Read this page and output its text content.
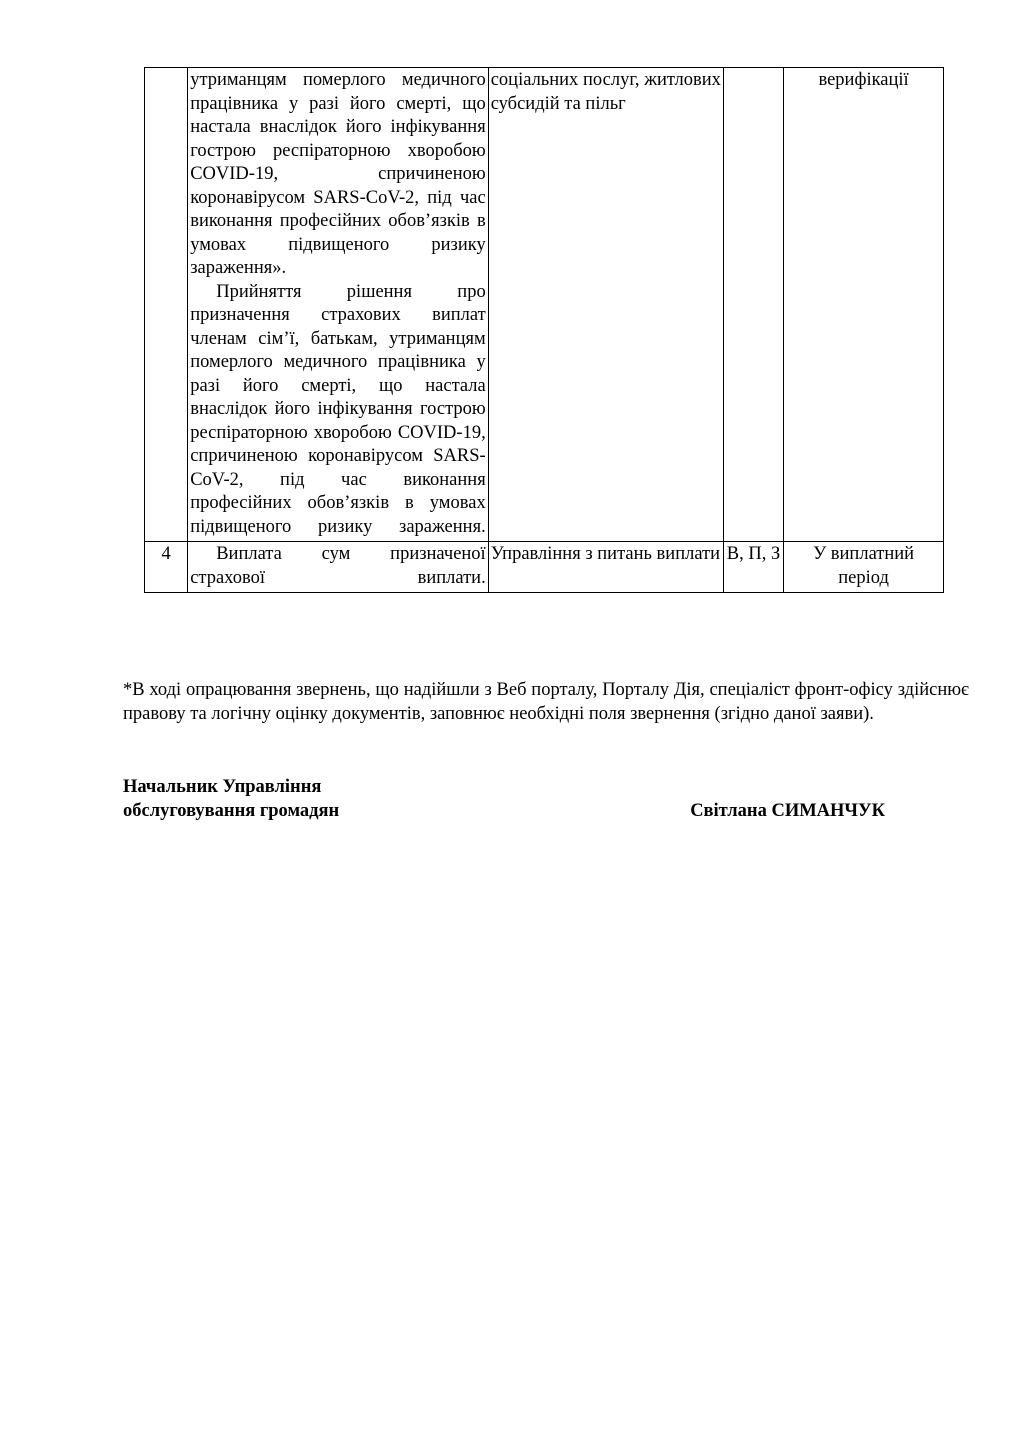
	утриманцям померлого медичного працівника у разі його смерті, що настала внаслідок його інфікування гострою респіраторною хворобою COVID-19, спричиненою коронавірусом SARS-CoV-2, під час виконання професійних обов’язків в умовах підвищеного ризику зараження».
Прийняття рішення про призначення страхових виплат членам сім’ї, батькам, утриманцям померлого медичного працівника у разі його смерті, що настала внаслідок його інфікування гострою респіраторною хворобою COVID-19, спричиненою коронавірусом SARS-CoV-2, під час виконання професійних обов’язків в умовах підвищеного ризику зараження.	соціальних послуг, житлових субсидій та пільг		верифікації
4	Виплата сум призначеної страхової виплати.	Управління з питань виплати	В, П, З	У виплатний період

*В ході опрацювання звернень, що надійшли з Веб порталу, Порталу Дія, спеціаліст фронт-офісу здійснює правову та логічну оцінку документів, заповнює необхідні поля звернення (згідно даної заяви).

Начальник Управління
обслуговування громадян	Світлана СИМАНЧУК
